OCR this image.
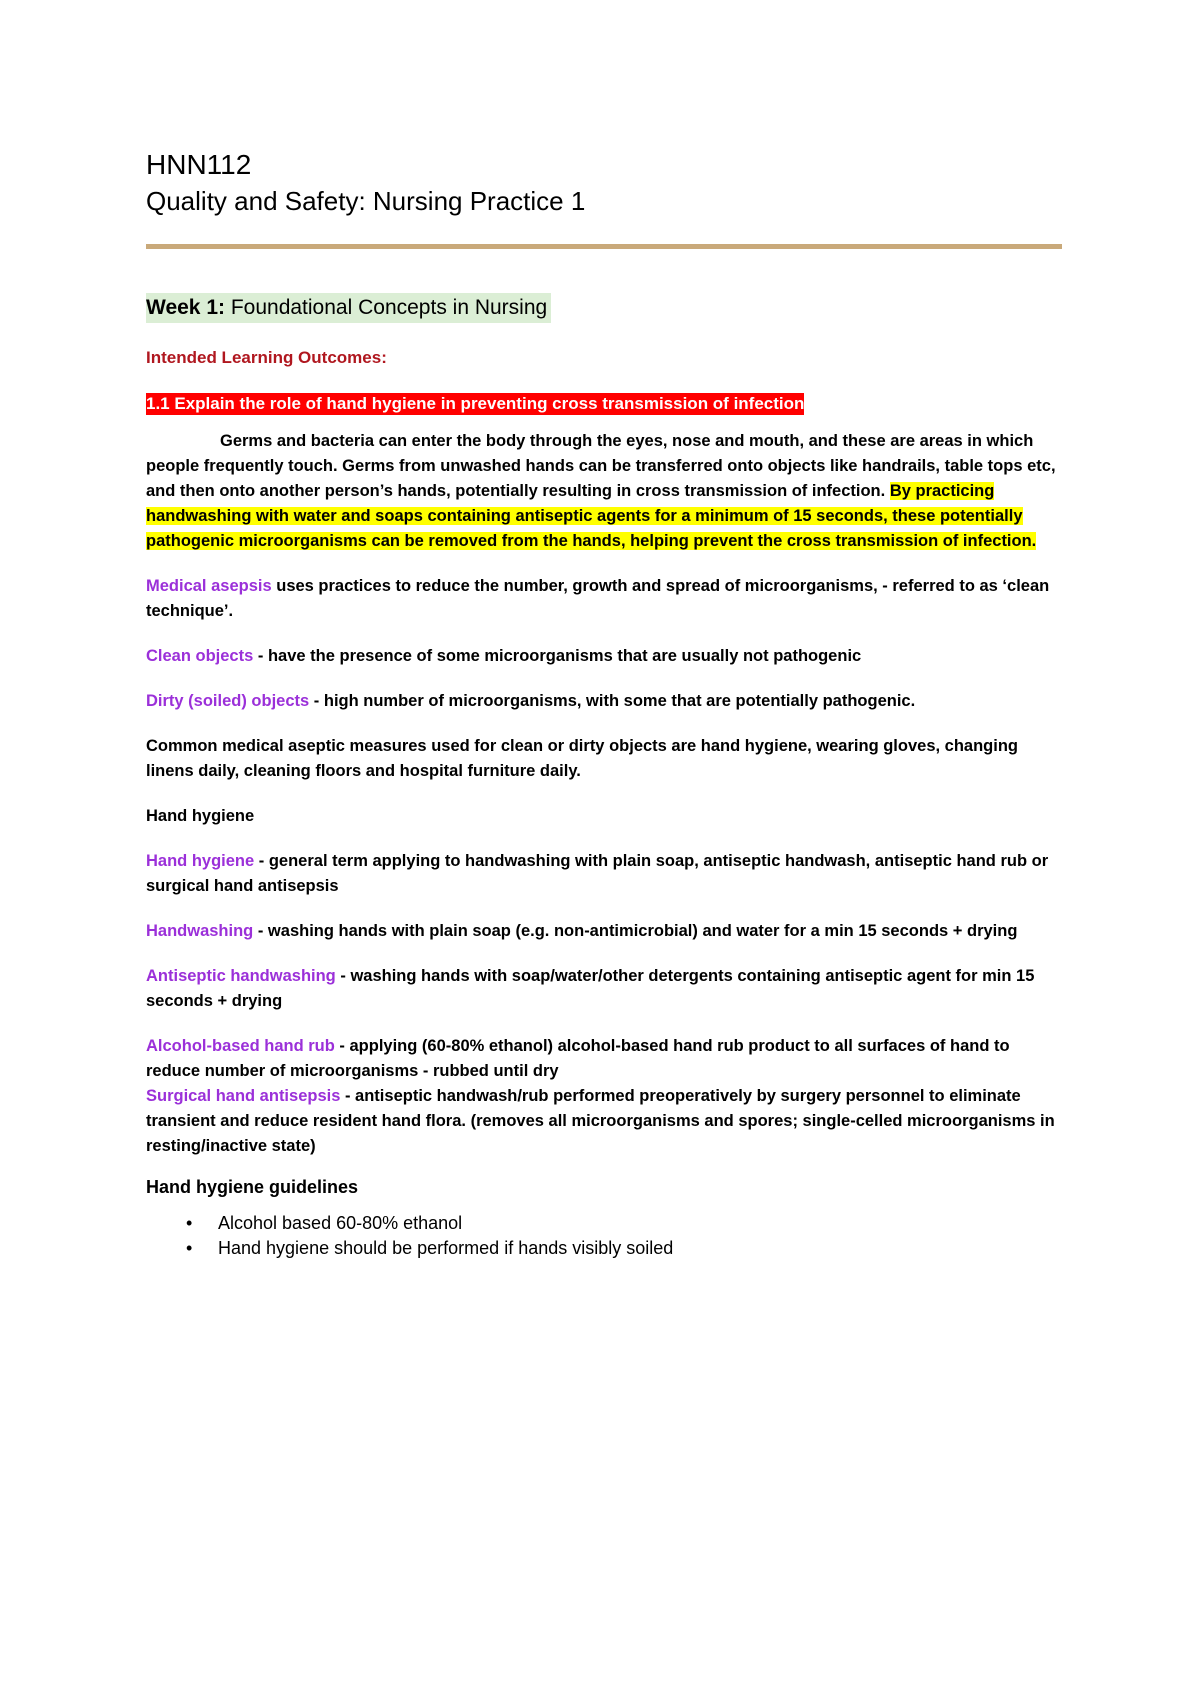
HNN112
Quality and Safety: Nursing Practice 1
Week 1: Foundational Concepts in Nursing
Intended Learning Outcomes:
1.1 Explain the role of hand hygiene in preventing cross transmission of infection

Germs and bacteria can enter the body through the eyes, nose and mouth, and these are areas in which people frequently touch. Germs from unwashed hands can be transferred onto objects like handrails, table tops etc, and then onto another person’s hands, potentially resulting in cross transmission of infection. By practicing handwashing with water and soaps containing antiseptic agents for a minimum of 15 seconds, these potentially pathogenic microorganisms can be removed from the hands, helping prevent the cross transmission of infection.

Medical asepsis uses practices to reduce the number, growth and spread of microorganisms, - referred to as ‘clean technique’.

Clean objects - have the presence of some microorganisms that are usually not pathogenic

Dirty (soiled) objects - high number of microorganisms, with some that are potentially pathogenic.

Common medical aseptic measures used for clean or dirty objects are hand hygiene, wearing gloves, changing linens daily, cleaning floors and hospital furniture daily.

Hand hygiene

Hand hygiene - general term applying to handwashing with plain soap, antiseptic handwash, antiseptic hand rub or surgical hand antisepsis

Handwashing - washing hands with plain soap (e.g. non-antimicrobial) and water for a min 15 seconds + drying

Antiseptic handwashing - washing hands with soap/water/other detergents containing antiseptic agent for min 15 seconds + drying

Alcohol-based hand rub - applying (60-80% ethanol) alcohol-based hand rub product to all surfaces of hand to reduce number of microorganisms - rubbed until dry

Surgical hand antisepsis - antiseptic handwash/rub performed preoperatively by surgery personnel to eliminate transient and reduce resident hand flora. (removes all microorganisms and spores; single-celled microorganisms in resting/inactive state)

Hand hygiene guidelines
• Alcohol based 60-80% ethanol
• Hand hygiene should be performed if hands visibly soiled
